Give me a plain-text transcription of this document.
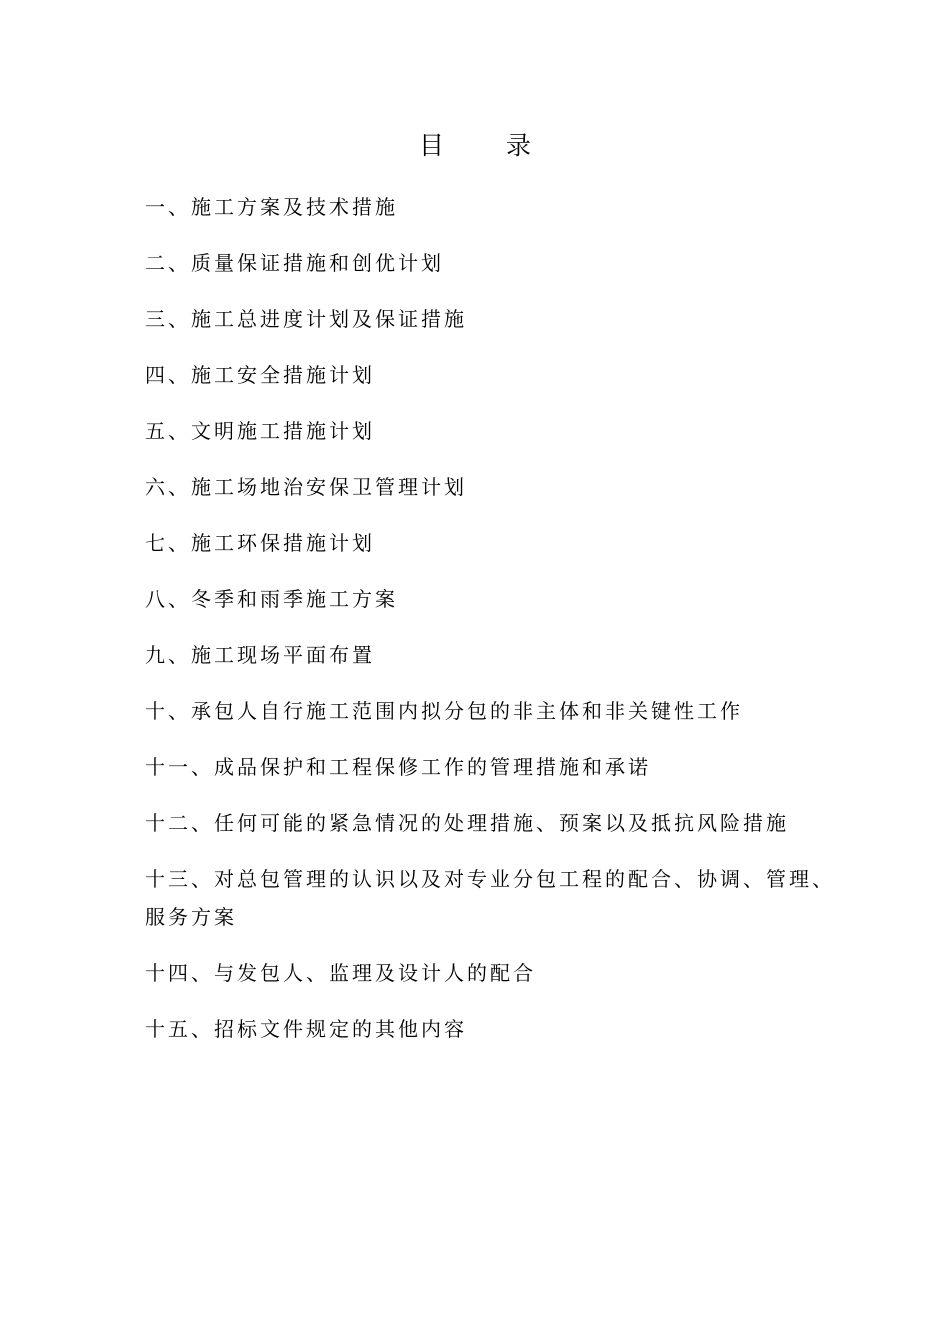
目录
一、施工方案及技术措施
二、质量保证措施和创优计划
三、施工总进度计划及保证措施
四、施工安全措施计划
五、文明施工措施计划
六、施工场地治安保卫管理计划
七、施工环保措施计划
八、冬季和雨季施工方案
九、施工现场平面布置
十、承包人自行施工范围内拟分包的非主体和非关键性工作
十一、成品保护和工程保修工作的管理措施和承诺
十二、任何可能的紧急情况的处理措施、预案以及抵抗风险措施
十三、对总包管理的认识以及对专业分包工程的配合、协调、管理、服务方案
十四、与发包人、监理及设计人的配合
十五、招标文件规定的其他内容
